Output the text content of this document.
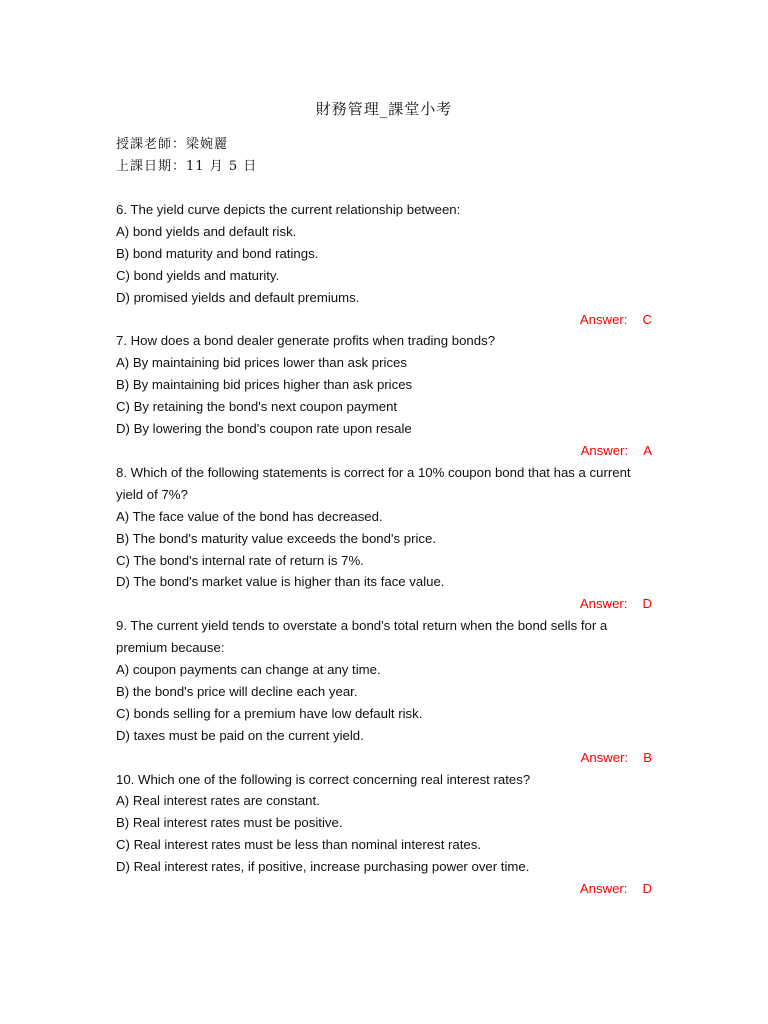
財務管理_課堂小考
授課老師 ： 梁婉麗
上課日期 ： 11 月 5 日
6. The yield curve depicts the current relationship between:
A) bond yields and default risk.
B) bond maturity and bond ratings.
C) bond yields and maturity.
D) promised yields and default premiums.
Answer: C
7. How does a bond dealer generate profits when trading bonds?
A) By maintaining bid prices lower than ask prices
B) By maintaining bid prices higher than ask prices
C) By retaining the bond's next coupon payment
D) By lowering the bond's coupon rate upon resale
Answer: A
8. Which of the following statements is correct for a 10% coupon bond that has a current yield of 7%?
A) The face value of the bond has decreased.
B) The bond's maturity value exceeds the bond's price.
C) The bond's internal rate of return is 7%.
D) The bond's market value is higher than its face value.
Answer: D
9. The current yield tends to overstate a bond's total return when the bond sells for a premium because:
A) coupon payments can change at any time.
B) the bond's price will decline each year.
C) bonds selling for a premium have low default risk.
D) taxes must be paid on the current yield.
Answer: B
10. Which one of the following is correct concerning real interest rates?
A) Real interest rates are constant.
B) Real interest rates must be positive.
C) Real interest rates must be less than nominal interest rates.
D) Real interest rates, if positive, increase purchasing power over time.
Answer: D
